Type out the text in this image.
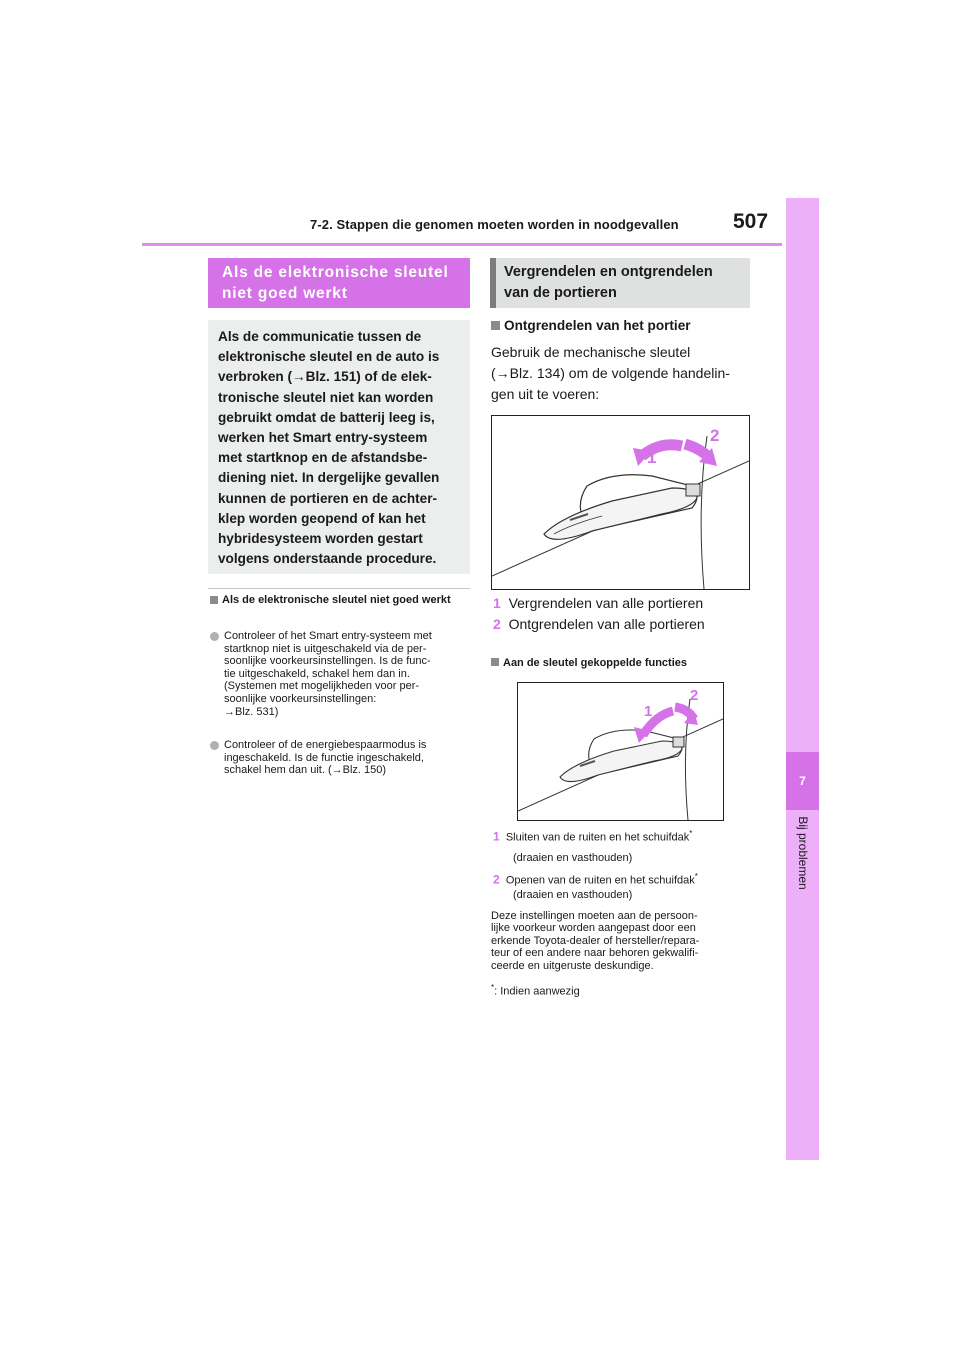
7-2. Stappen die genomen moeten worden in noodgevallen	507
7
Bij problemen
Als de elektronische sleutel niet goed werkt
Als de communicatie tussen de
elektronische sleutel en de auto is
verbroken (→Blz. 151) of de elek-
tronische sleutel niet kan worden
gebruikt omdat de batterij leeg is,
werken het Smart entry-systeem
met startknop en de afstandsbe-
diening niet. In dergelijke gevallen
kunnen de portieren en de achter-
klep worden geopend of kan het
hybridesysteem worden gestart
volgens onderstaande procedure.
Als de elektronische sleutel niet goed werkt
Controleer of het Smart entry-systeem met
startknop niet is uitgeschakeld via de per-
soonlijke voorkeursinstellingen. Is de func-
tie uitgeschakeld, schakel hem dan in.
(Systemen met mogelijkheden voor per-
soonlijke voorkeursinstellingen:
→Blz. 531)
Controleer of de energiebespaarmodus is
ingeschakeld. Is de functie ingeschakeld,
schakel hem dan uit. (→Blz. 150)
Vergrendelen en ontgrendelen
van de portieren
Ontgrendelen van het portier
Gebruik de mechanische sleutel
(→Blz. 134) om de volgende handelin-
gen uit te voeren:
1
2
1 Vergrendelen van alle portieren
2 Ontgrendelen van alle portieren
Aan de sleutel gekoppelde functies
1
2
1 Sluiten van de ruiten en het schuifdak*
(draaien en vasthouden)
2 Openen van de ruiten en het schuifdak*
(draaien en vasthouden)
Deze instellingen moeten aan de persoon-
lijke voorkeur worden aangepast door een
erkende Toyota-dealer of hersteller/repara-
teur of een andere naar behoren gekwalifi-
ceerde en uitgeruste deskundige.
*: Indien aanwezig
